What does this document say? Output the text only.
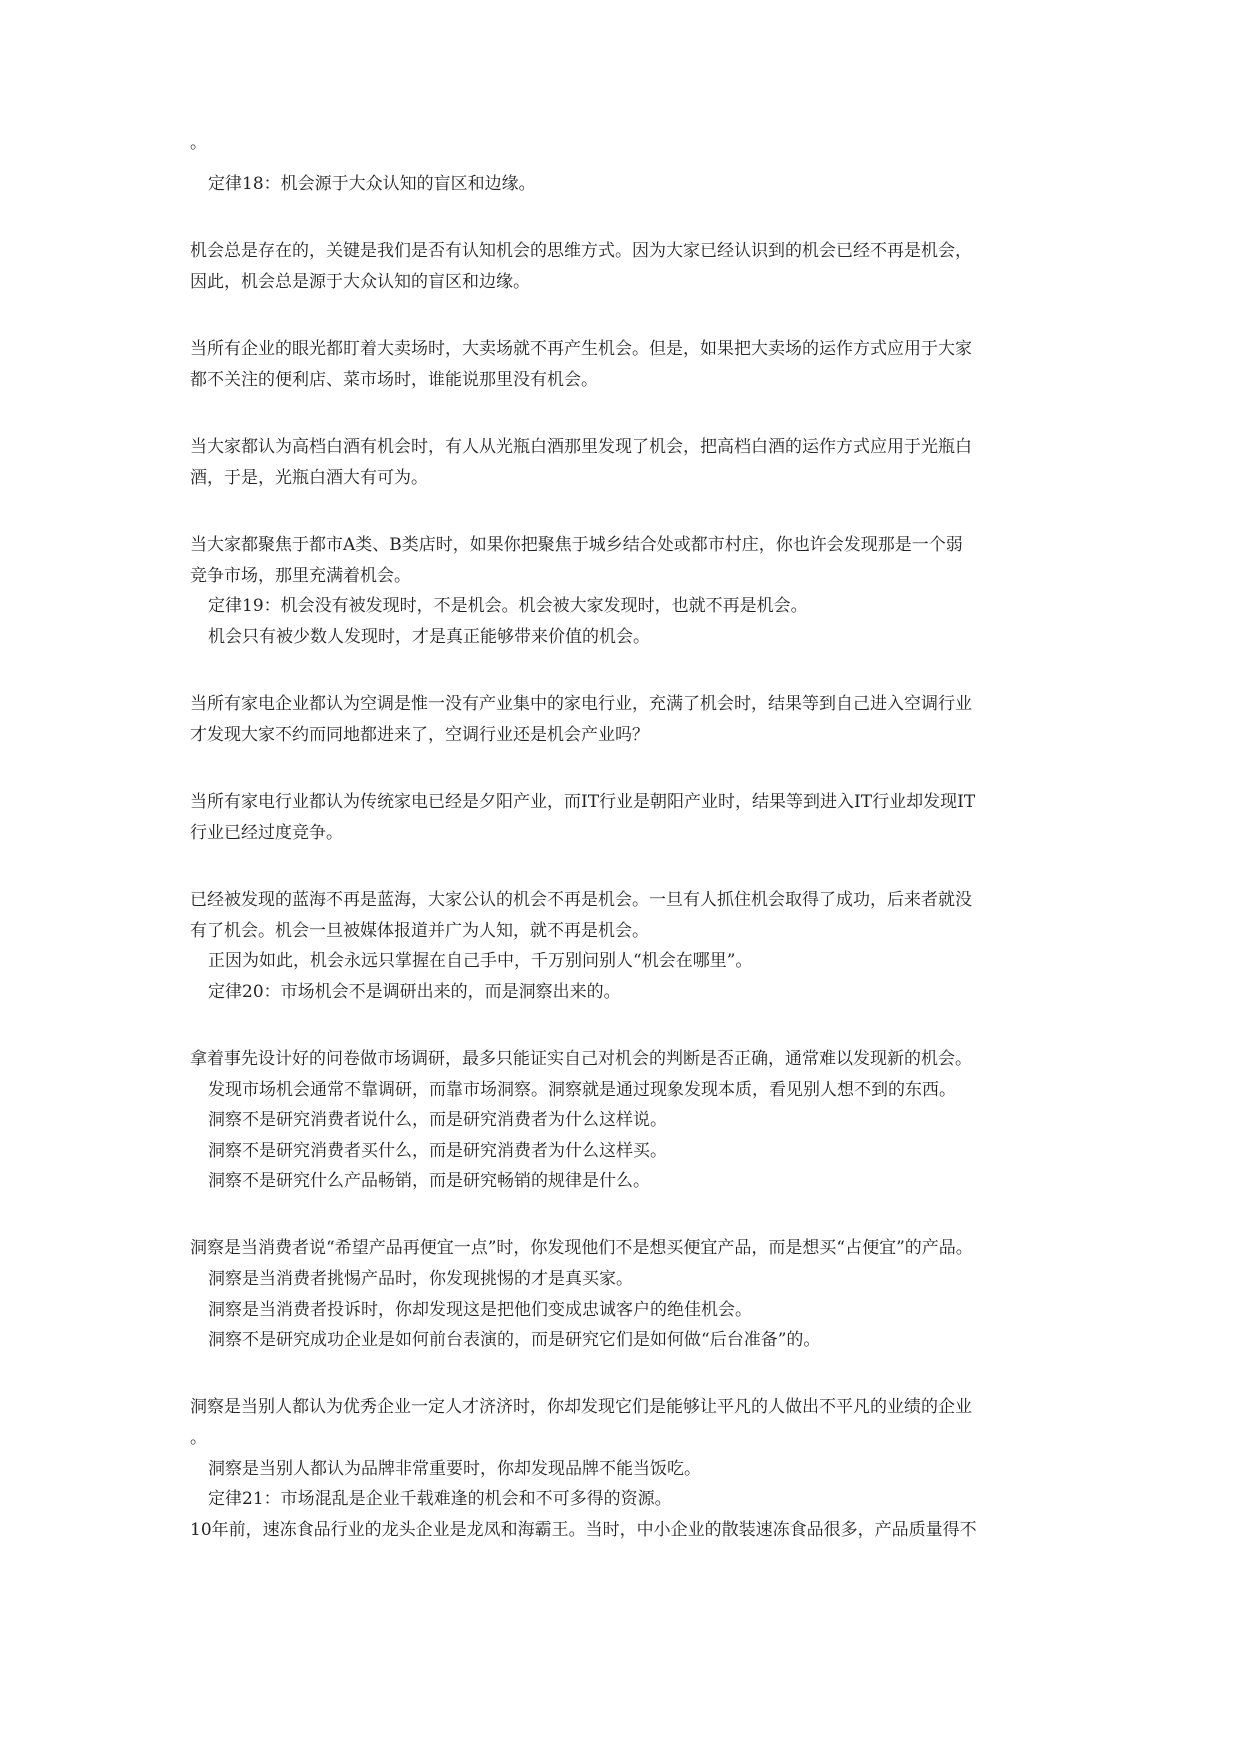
。
定律18：机会源于大众认知的盲区和边缘。
机会总是存在的，关键是我们是否有认知机会的思维方式。因为大家已经认识到的机会已经不再是机会，
因此，机会总是源于大众认知的盲区和边缘。
当所有企业的眼光都盯着大卖场时，大卖场就不再产生机会。但是，如果把大卖场的运作方式应用于大家
都不关注的便利店、菜市场时，谁能说那里没有机会。
当大家都认为高档白酒有机会时，有人从光瓶白酒那里发现了机会，把高档白酒的运作方式应用于光瓶白
酒，于是，光瓶白酒大有可为。
当大家都聚焦于都市A类、B类店时，如果你把聚焦于城乡结合处或都市村庄，你也许会发现那是一个弱
竞争市场，那里充满着机会。
定律19：机会没有被发现时，不是机会。机会被大家发现时，也就不再是机会。
机会只有被少数人发现时，才是真正能够带来价值的机会。
当所有家电企业都认为空调是惟一没有产业集中的家电行业，充满了机会时，结果等到自己进入空调行业
才发现大家不约而同地都进来了，空调行业还是机会产业吗？
当所有家电行业都认为传统家电已经是夕阳产业，而IT行业是朝阳产业时，结果等到进入IT行业却发现IT
行业已经过度竞争。
已经被发现的蓝海不再是蓝海，大家公认的机会不再是机会。一旦有人抓住机会取得了成功，后来者就没
有了机会。机会一旦被媒体报道并广为人知，就不再是机会。
正因为如此，机会永远只掌握在自己手中，千万别问别人“机会在哪里”。
定律20：市场机会不是调研出来的，而是洞察出来的。
拿着事先设计好的问卷做市场调研，最多只能证实自己对机会的判断是否正确，通常难以发现新的机会。
发现市场机会通常不靠调研，而靠市场洞察。洞察就是通过现象发现本质，看见别人想不到的东西。
洞察不是研究消费者说什么，而是研究消费者为什么这样说。
洞察不是研究消费者买什么，而是研究消费者为什么这样买。
洞察不是研究什么产品畅销，而是研究畅销的规律是什么。
洞察是当消费者说“希望产品再便宜一点”时，你发现他们不是想买便宜产品，而是想买“占便宜”的产品。
洞察是当消费者挑惕产品时，你发现挑惕的才是真买家。
洞察是当消费者投诉时，你却发现这是把他们变成忠诚客户的绝佳机会。
洞察不是研究成功企业是如何前台表演的，而是研究它们是如何做“后台准备”的。
洞察是当别人都认为优秀企业一定人才济济时，你却发现它们是能够让平凡的人做出不平凡的业绩的企业
。
洞察是当别人都认为品牌非常重要时，你却发现品牌不能当饭吃。
定律21：市场混乱是企业千载难逢的机会和不可多得的资源。
10年前，速冻食品行业的龙头企业是龙凤和海霸王。当时，中小企业的散装速冻食品很多，产品质量得不
